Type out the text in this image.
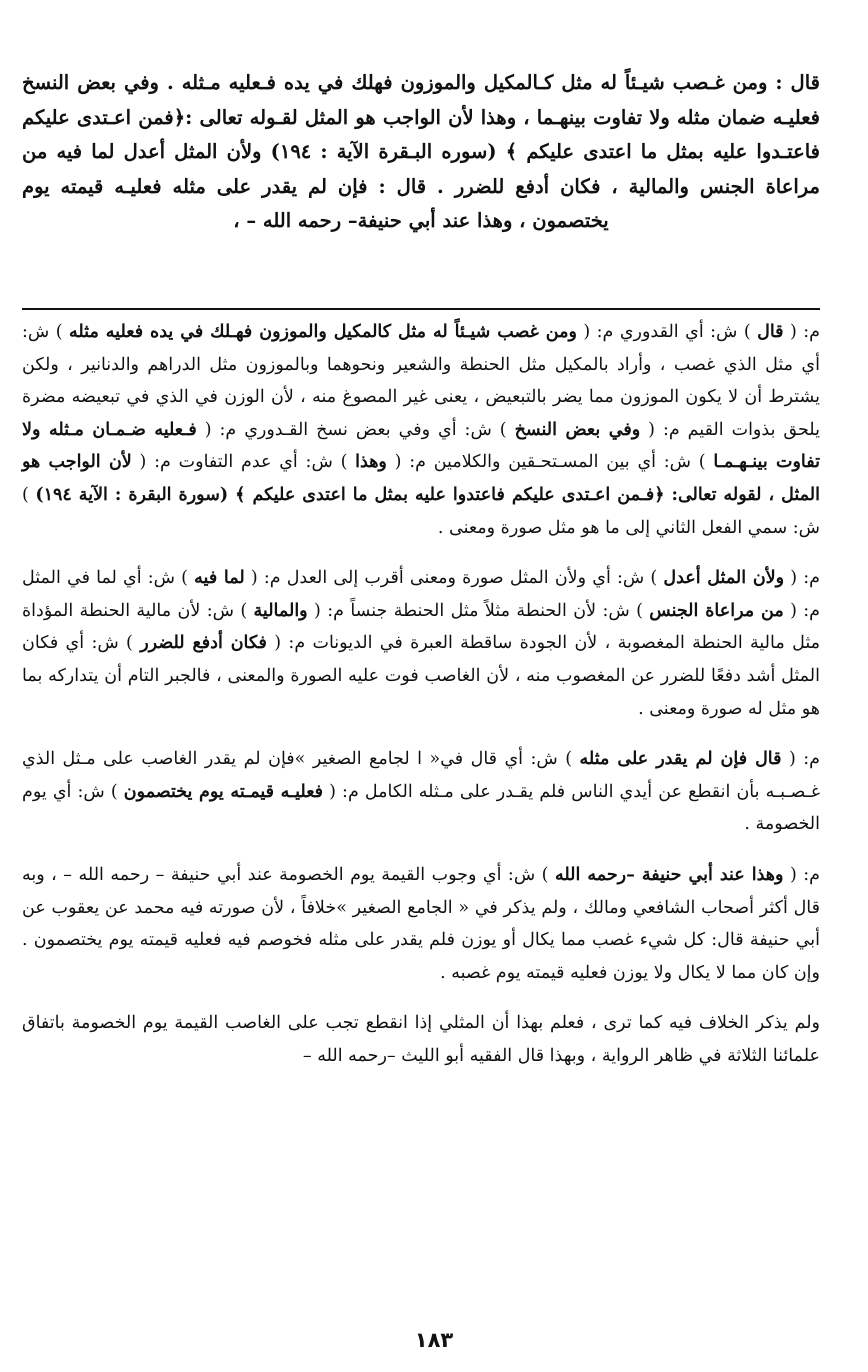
قال : ومن غـصب شيـئاً له مثل كـالمكيل والموزون فهلك في يده فـعليه مـثله . وفي بعض النسخ فعليـه ضمان مثله ولا تفاوت بينهـما ، وهذا لأن الواجب هو المثل لقـوله تعالى :﴿فمن اعـتدى عليكم فاعتـدوا عليه بمثل ما اعتدى عليكم ﴾ (سوره البـقرة الآية : ١٩٤) ولأن المثل أعدل لما فيه من مراعاة الجنس والمالية ، فكان أدفع للضرر . قال : فإن لم يقدر على مثله فعليـه قيمته يوم يختصمون ، وهذا عند أبي حنيفة– رحمه الله – ،

م: ( قال ) ش: أي القدوري م: ( ومن غصب شيـئاً له مثل كالمكيل والموزون فهـلك في يده فعليه مثله ) ش: أي مثل الذي غصب ، وأراد بالمكيل مثل الحنطة والشعير ونحوهما وبالموزون مثل الدراهم والدنانير ، ولكن يشترط أن لا يكون الموزون مما يضر بالتبعيض ، يعنى غير المصوغ منه ، لأن الوزن في الذي في تبعيضه مضرة يلحق بذوات القيم م: ( وفي بعض النسخ ) ش: أي وفي بعض نسخ القـدوري م: ( فـعليه ضـمـان مـثله ولا تفاوت بينـهـمـا ) ش: أي بين المسـتحـقين والكلامين م: ( وهذا ) ش: أي عدم التفاوت م: ( لأن الواجب هو المثل ، لقوله تعالى: ﴿فـمن اعـتدى عليكم فاعتدوا عليه بمثل ما اعتدى عليكم ﴾ (سورة البقرة : الآية ١٩٤) ) ش: سمي الفعل الثاني إلى ما هو مثل صورة ومعنى .

م: ( ولأن المثل أعدل ) ش: أي ولأن المثل صورة ومعنى أقرب إلى العدل م: ( لما فيه ) ش: أي لما في المثل م: ( من مراعاة الجنس ) ش: لأن الحنطة مثلاً مثل الحنطة جنساً م: ( والمالية ) ش: لأن مالية الحنطة المؤداة مثل مالية الحنطة المغصوبة ، لأن الجودة ساقطة العبرة في الديونات م: ( فكان أدفع للضرر ) ش: أي فكان المثل أشد دفعًا للضرر عن المغصوب منه ، لأن الغاصب فوت عليه الصورة والمعنى ، فالجبر التام أن يتداركه بما هو مثل له صورة ومعنى .

م: ( قال فإن لم يقدر على مثله ) ش: أي قال في« ا لجامع الصغير »فإن لم يقدر الغاصب على مـثل الذي غـصـبـه بأن انقطع عن أيدي الناس فلم يقـدر على مـثله الكامل م: ( فعليـه قيمـته يوم يختصمون ) ش: أي يوم الخصومة .

م: ( وهذا عند أبي حنيفة –رحمه الله ) ش: أي وجوب القيمة يوم الخصومة عند أبي حنيفة – رحمه الله – ، وبه قال أكثر أصحاب الشافعي ومالك ، ولم يذكر في « الجامع الصغير »خلافاً ، لأن صورته فيه محمد عن يعقوب عن أبي حنيفة قال: كل شيء غصب مما يكال أو يوزن فلم يقدر على مثله فخوصم فيه فعليه قيمته يوم يختصمون . وإن كان مما لا يكال ولا يوزن فعليه قيمته يوم غصبه .

ولم يذكر الخلاف فيه كما ترى ، فعلم بهذا أن المثلي إذا انقطع تجب على الغاصب القيمة يوم الخصومة باتفاق علمائنا الثلاثة في ظاهر الرواية ، وبهذا قال الفقيه أبو الليث –رحمه الله –

١٨٣
